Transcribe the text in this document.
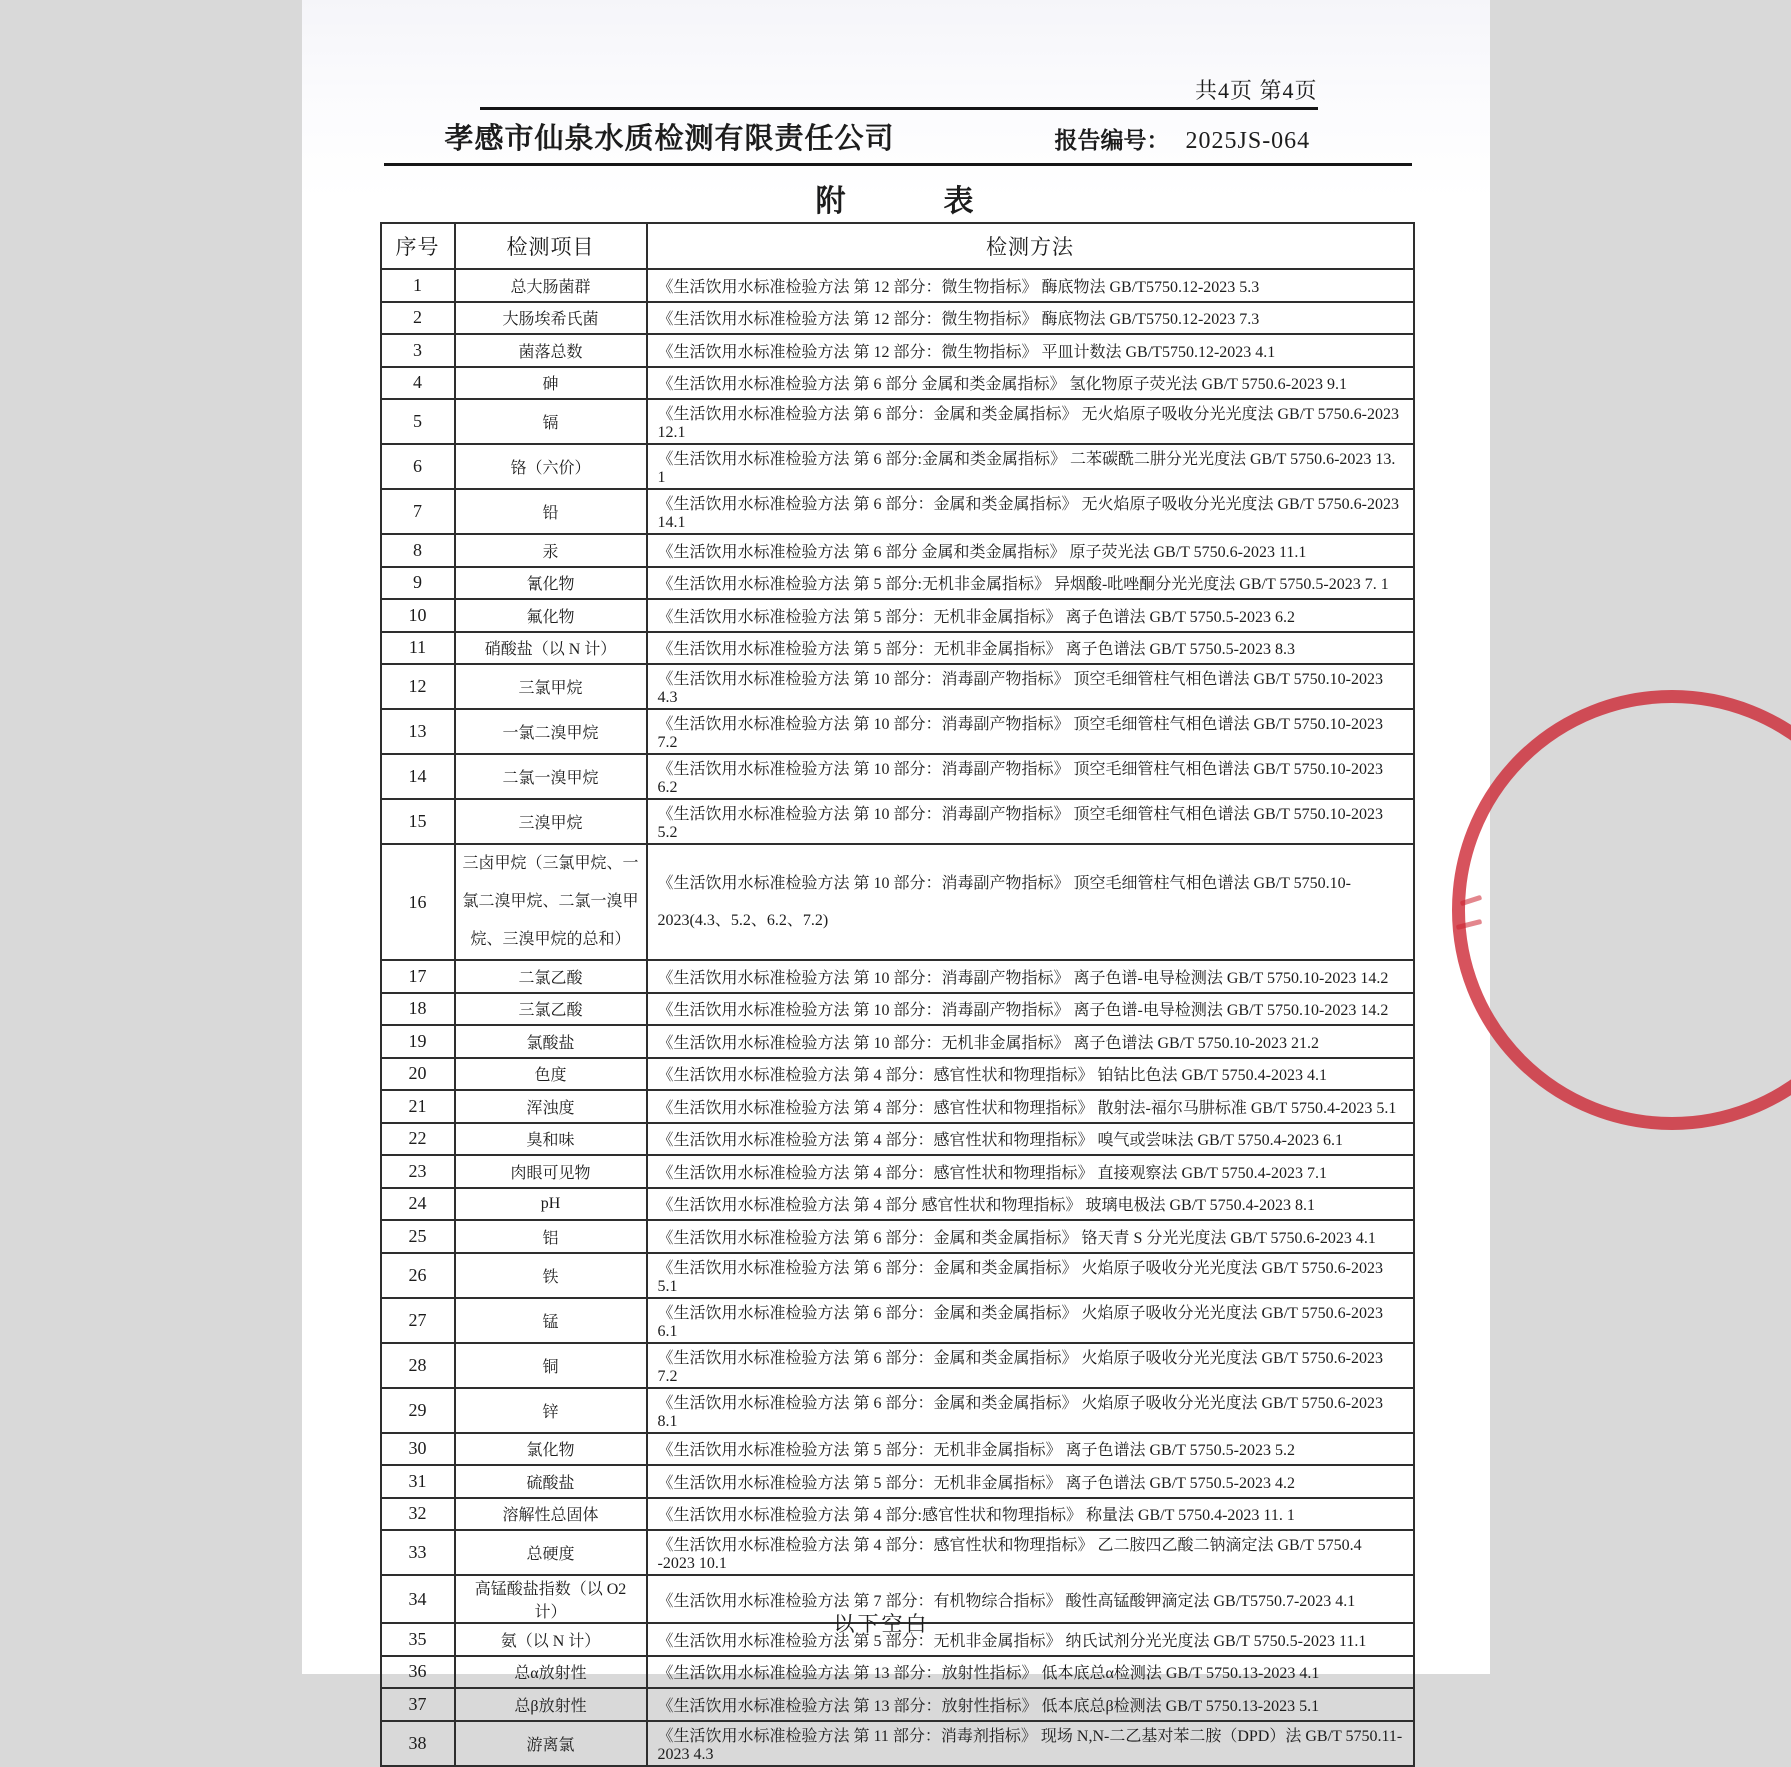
共4页 第4页
孝感市仙泉水质检测有限责任公司	报告编号： 2025JS-064
附　　　表
序号	检测项目	检测方法
1	总大肠菌群	《生活饮用水标准检验方法 第 12 部分：微生物指标》 酶底物法 GB/T5750.12-2023 5.3
2	大肠埃希氏菌	《生活饮用水标准检验方法 第 12 部分：微生物指标》 酶底物法 GB/T5750.12-2023 7.3
3	菌落总数	《生活饮用水标准检验方法 第 12 部分：微生物指标》 平皿计数法 GB/T5750.12-2023 4.1
4	砷	《生活饮用水标准检验方法 第 6 部分 金属和类金属指标》 氢化物原子荧光法 GB/T 5750.6-2023 9.1
5	镉	《生活饮用水标准检验方法 第 6 部分：金属和类金属指标》 无火焰原子吸收分光光度法 GB/T 5750.6-2023 12.1
6	铬（六价）	《生活饮用水标准检验方法 第 6 部分:金属和类金属指标》 二苯碳酰二肼分光光度法 GB/T 5750.6-2023 13. 1
7	铅	《生活饮用水标准检验方法 第 6 部分：金属和类金属指标》 无火焰原子吸收分光光度法 GB/T 5750.6-2023 14.1
8	汞	《生活饮用水标准检验方法 第 6 部分 金属和类金属指标》 原子荧光法 GB/T 5750.6-2023 11.1
9	氰化物	《生活饮用水标准检验方法 第 5 部分:无机非金属指标》 异烟酸-吡唑酮分光光度法 GB/T 5750.5-2023 7. 1
10	氟化物	《生活饮用水标准检验方法 第 5 部分：无机非金属指标》 离子色谱法 GB/T 5750.5-2023 6.2
11	硝酸盐（以 N 计）	《生活饮用水标准检验方法 第 5 部分：无机非金属指标》 离子色谱法 GB/T 5750.5-2023 8.3
12	三氯甲烷	《生活饮用水标准检验方法 第 10 部分：消毒副产物指标》 顶空毛细管柱气相色谱法 GB/T 5750.10-2023 4.3
13	一氯二溴甲烷	《生活饮用水标准检验方法 第 10 部分：消毒副产物指标》 顶空毛细管柱气相色谱法 GB/T 5750.10-2023 7.2
14	二氯一溴甲烷	《生活饮用水标准检验方法 第 10 部分：消毒副产物指标》 顶空毛细管柱气相色谱法 GB/T 5750.10-2023 6.2
15	三溴甲烷	《生活饮用水标准检验方法 第 10 部分：消毒副产物指标》 顶空毛细管柱气相色谱法 GB/T 5750.10-2023 5.2
16	三卤甲烷（三氯甲烷、一氯二溴甲烷、二氯一溴甲烷、三溴甲烷的总和）	《生活饮用水标准检验方法 第 10 部分：消毒副产物指标》 顶空毛细管柱气相色谱法 GB/T 5750.10-2023(4.3、5.2、6.2、7.2)
17	二氯乙酸	《生活饮用水标准检验方法 第 10 部分：消毒副产物指标》 离子色谱-电导检测法 GB/T 5750.10-2023 14.2
18	三氯乙酸	《生活饮用水标准检验方法 第 10 部分：消毒副产物指标》 离子色谱-电导检测法 GB/T 5750.10-2023 14.2
19	氯酸盐	《生活饮用水标准检验方法 第 10 部分：无机非金属指标》 离子色谱法 GB/T 5750.10-2023 21.2
20	色度	《生活饮用水标准检验方法 第 4 部分：感官性状和物理指标》 铂钴比色法 GB/T 5750.4-2023 4.1
21	浑浊度	《生活饮用水标准检验方法 第 4 部分：感官性状和物理指标》 散射法-福尔马肼标准 GB/T 5750.4-2023 5.1
22	臭和味	《生活饮用水标准检验方法 第 4 部分：感官性状和物理指标》 嗅气或尝味法 GB/T 5750.4-2023 6.1
23	肉眼可见物	《生活饮用水标准检验方法 第 4 部分：感官性状和物理指标》 直接观察法 GB/T 5750.4-2023 7.1
24	pH	《生活饮用水标准检验方法 第 4 部分 感官性状和物理指标》 玻璃电极法 GB/T 5750.4-2023 8.1
25	铝	《生活饮用水标准检验方法 第 6 部分：金属和类金属指标》 铬天青 S 分光光度法 GB/T 5750.6-2023 4.1
26	铁	《生活饮用水标准检验方法 第 6 部分：金属和类金属指标》 火焰原子吸收分光光度法 GB/T 5750.6-2023 5.1
27	锰	《生活饮用水标准检验方法 第 6 部分：金属和类金属指标》 火焰原子吸收分光光度法 GB/T 5750.6-2023 6.1
28	铜	《生活饮用水标准检验方法 第 6 部分：金属和类金属指标》 火焰原子吸收分光光度法 GB/T 5750.6-2023 7.2
29	锌	《生活饮用水标准检验方法 第 6 部分：金属和类金属指标》 火焰原子吸收分光光度法 GB/T 5750.6-2023 8.1
30	氯化物	《生活饮用水标准检验方法 第 5 部分：无机非金属指标》 离子色谱法 GB/T 5750.5-2023 5.2
31	硫酸盐	《生活饮用水标准检验方法 第 5 部分：无机非金属指标》 离子色谱法 GB/T 5750.5-2023 4.2
32	溶解性总固体	《生活饮用水标准检验方法 第 4 部分:感官性状和物理指标》 称量法 GB/T 5750.4-2023 11. 1
33	总硬度	《生活饮用水标准检验方法 第 4 部分：感官性状和物理指标》 乙二胺四乙酸二钠滴定法 GB/T 5750.4 -2023 10.1
34	高锰酸盐指数（以 O2 计）	《生活饮用水标准检验方法 第 7 部分：有机物综合指标》 酸性高锰酸钾滴定法 GB/T5750.7-2023 4.1
35	氨（以 N 计）	《生活饮用水标准检验方法 第 5 部分：无机非金属指标》 纳氏试剂分光光度法 GB/T 5750.5-2023 11.1
36	总α放射性	《生活饮用水标准检验方法 第 13 部分：放射性指标》 低本底总α检测法 GB/T 5750.13-2023 4.1
37	总β放射性	《生活饮用水标准检验方法 第 13 部分：放射性指标》 低本底总β检测法 GB/T 5750.13-2023 5.1
38	游离氯	《生活饮用水标准检验方法 第 11 部分：消毒剂指标》 现场 N,N-二乙基对苯二胺（DPD）法 GB/T 5750.11-2023 4.3
以下空白
